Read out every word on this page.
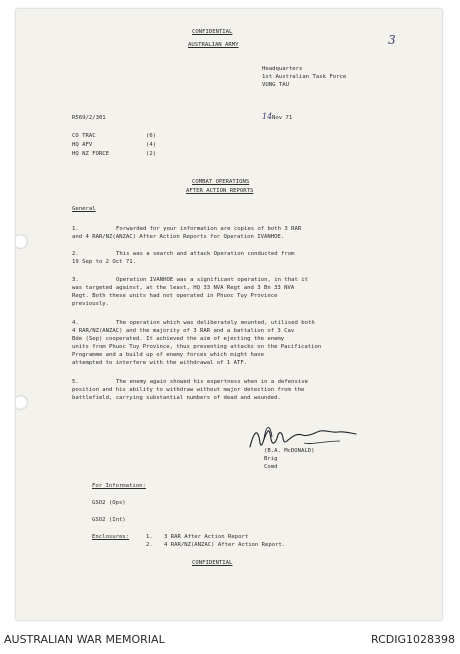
3
CONFIDENTIAL
AUSTRALIAN ARMY
Headquarters
1st Australian Task Force
VUNG TAU
R569/2/301	14 Nov 71
CO TRAC	(6)
HQ AFV	(4)
HQ NZ FORCE	(2)
COMBAT OPERATIONS
AFTER ACTION REPORTS
General
1.	Forwarded for your information are copies of both 3 RAR
and 4 RAR/NZ(ANZAC) After Action Reports for Operation IVANHOE.
2.	This was a search and attack Operation conducted from
19 Sep to 2 Oct 71.
3.	Operation IVANHOE was a significant operation, in that it
was targeted against, at the least, HQ 33 NVA Regt and 3 Bn 33 NVA
Regt. Both these units had not operated in Phuoc Tuy Province
previously.
4.	The operation which was deliberately mounted, utilised both
4 RAR/NZ(ANZAC) and the majority of 3 RAR and a battalion of 3 Cav
Bde (Sep) cooperated. It achieved the aim of ejecting the enemy
units from Phuoc Tuy Province, thus preventing attacks on the Pacification
Programme and a build up of enemy forces which might have
attempted to interfere with the withdrawal of 1 ATF.
5.	The enemy again showed his expertness when in a defensive
position and his ability to withdraw without major detection from the
battlefield, carrying substantial numbers of dead and wounded.
(B.A. McDONALD)
Brig
Comd
For Information:
GSO2 (Ops)
GSO2 (Int)
Enclosures:	1. 3 RAR After Action Report
2. 4 RAR/NZ(ANZAC) After Action Report.
CONFIDENTIAL
AUSTRALIAN WAR MEMORIAL	RCDIG1028398
